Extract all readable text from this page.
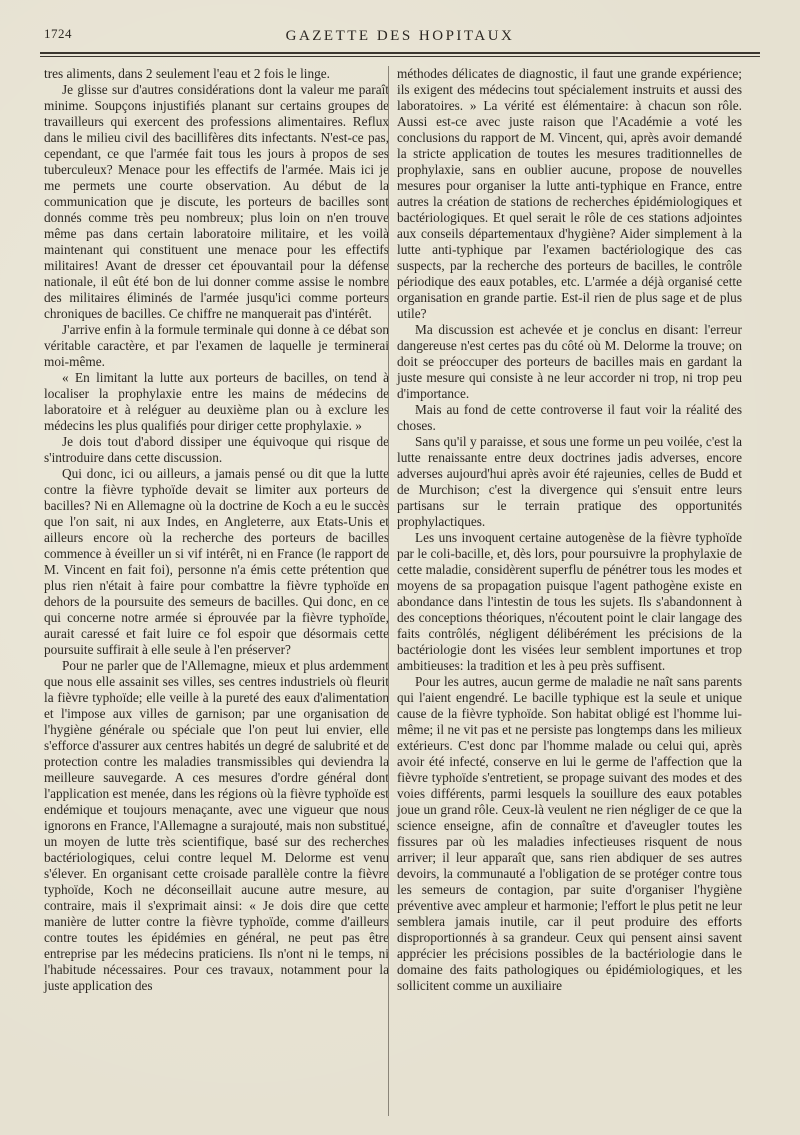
1724	GAZETTE DES HOPITAUX

tres aliments, dans 2 seulement l'eau et 2 fois le linge.

Je glisse sur d'autres considérations dont la valeur me paraît minime. Soupçons injustifiés planant sur certains groupes de travailleurs qui exercent des professions alimentaires. Reflux dans le milieu civil des bacillifères dits infectants. N'est-ce pas, cependant, ce que l'armée fait tous les jours à propos de ses tuberculeux? Menace pour les effectifs de l'armée. Mais ici je me permets une courte observation. Au début de la communication que je discute, les porteurs de bacilles sont donnés comme très peu nombreux; plus loin on n'en trouve même pas dans certain laboratoire militaire, et les voilà maintenant qui constituent une menace pour les effectifs militaires! Avant de dresser cet épouvantail pour la défense nationale, il eût été bon de lui donner comme assise le nombre des militaires éliminés de l'armée jusqu'ici comme porteurs chroniques de bacilles. Ce chiffre ne manquerait pas d'intérêt.

J'arrive enfin à la formule terminale qui donne à ce débat son véritable caractère, et par l'examen de laquelle je terminerai moi-même.

« En limitant la lutte aux porteurs de bacilles, on tend à localiser la prophylaxie entre les mains de médecins de laboratoire et à reléguer au deuxième plan ou à exclure les médecins les plus qualifiés pour diriger cette prophylaxie. »

Je dois tout d'abord dissiper une équivoque qui risque de s'introduire dans cette discussion.

Qui donc, ici ou ailleurs, a jamais pensé ou dit que la lutte contre la fièvre typhoïde devait se limiter aux porteurs de bacilles? Ni en Allemagne où la doctrine de Koch a eu le succès que l'on sait, ni aux Indes, en Angleterre, aux Etats-Unis et ailleurs encore où la recherche des porteurs de bacilles commence à éveiller un si vif intérêt, ni en France (le rapport de M. Vincent en fait foi), personne n'a émis cette prétention que plus rien n'était à faire pour combattre la fièvre typhoïde en dehors de la poursuite des semeurs de bacilles. Qui donc, en ce qui concerne notre armée si éprouvée par la fièvre typhoïde, aurait caressé et fait luire ce fol espoir que désormais cette poursuite suffirait à elle seule à l'en préserver?

Pour ne parler que de l'Allemagne, mieux et plus ardemment que nous elle assainit ses villes, ses centres industriels où fleurit la fièvre typhoïde; elle veille à la pureté des eaux d'alimentation et l'impose aux villes de garnison; par une organisation de l'hygiène générale ou spéciale que l'on peut lui envier, elle s'efforce d'assurer aux centres habités un degré de salubrité et de protection contre les maladies transmissibles qui deviendra la meilleure sauvegarde. A ces mesures d'ordre général dont l'application est menée, dans les régions où la fièvre typhoïde est endémique et toujours menaçante, avec une vigueur que nous ignorons en France, l'Allemagne a surajouté, mais non substitué, un moyen de lutte très scientifique, basé sur des recherches bactériologiques, celui contre lequel M. Delorme est venu s'élever. En organisant cette croisade parallèle contre la fièvre typhoïde, Koch ne déconseillait aucune autre mesure, au contraire, mais il s'exprimait ainsi: « Je dois dire que cette manière de lutter contre la fièvre typhoïde, comme d'ailleurs contre toutes les épidémies en général, ne peut pas être entreprise par les médecins praticiens. Ils n'ont ni le temps, ni l'habitude nécessaires. Pour ces travaux, notamment pour la juste application des

méthodes délicates de diagnostic, il faut une grande expérience; ils exigent des médecins tout spécialement instruits et aussi des laboratoires. » La vérité est élémentaire: à chacun son rôle. Aussi est-ce avec juste raison que l'Académie a voté les conclusions du rapport de M. Vincent, qui, après avoir demandé la stricte application de toutes les mesures traditionnelles de prophylaxie, sans en oublier aucune, propose de nouvelles mesures pour organiser la lutte anti-typhique en France, entre autres la création de stations de recherches épidémiologiques et bactériologiques. Et quel serait le rôle de ces stations adjointes aux conseils départementaux d'hygiène? Aider simplement à la lutte anti-typhique par l'examen bactériologique des cas suspects, par la recherche des porteurs de bacilles, le contrôle périodique des eaux potables, etc. L'armée a déjà organisé cette organisation en grande partie. Est-il rien de plus sage et de plus utile?

Ma discussion est achevée et je conclus en disant: l'erreur dangereuse n'est certes pas du côté où M. Delorme la trouve; on doit se préoccuper des porteurs de bacilles mais en gardant la juste mesure qui consiste à ne leur accorder ni trop, ni trop peu d'importance.

Mais au fond de cette controverse il faut voir la réalité des choses.

Sans qu'il y paraisse, et sous une forme un peu voilée, c'est la lutte renaissante entre deux doctrines jadis adverses, encore adverses aujourd'hui après avoir été rajeunies, celles de Budd et de Murchison; c'est la divergence qui s'ensuit entre leurs partisans sur le terrain pratique des opportunités prophylactiques.

Les uns invoquent certaine autogenèse de la fièvre typhoïde par le coli-bacille, et, dès lors, pour poursuivre la prophylaxie de cette maladie, considèrent superflu de pénétrer tous les modes et moyens de sa propagation puisque l'agent pathogène existe en abondance dans l'intestin de tous les sujets. Ils s'abandonnent à des conceptions théoriques, n'écoutent point le clair langage des faits contrôlés, négligent délibérément les précisions de la bactériologie dont les visées leur semblent importunes et trop ambitieuses: la tradition et les à peu près suffisent.

Pour les autres, aucun germe de maladie ne naît sans parents qui l'aient engendré. Le bacille typhique est la seule et unique cause de la fièvre typhoïde. Son habitat obligé est l'homme lui-même; il ne vit pas et ne persiste pas longtemps dans les milieux extérieurs. C'est donc par l'homme malade ou celui qui, après avoir été infecté, conserve en lui le germe de l'affection que la fièvre typhoïde s'entretient, se propage suivant des modes et des voies différents, parmi lesquels la souillure des eaux potables joue un grand rôle. Ceux-là veulent ne rien négliger de ce que la science enseigne, afin de connaître et d'aveugler toutes les fissures par où les maladies infectieuses risquent de nous arriver; il leur apparaît que, sans rien abdiquer de ses autres devoirs, la communauté a l'obligation de se protéger contre tous les semeurs de contagion, par suite d'organiser l'hygiène préventive avec ampleur et harmonie; l'effort le plus petit ne leur semblera jamais inutile, car il peut produire des efforts disproportionnés à sa grandeur. Ceux qui pensent ainsi savent apprécier les précisions possibles de la bactériologie dans le domaine des faits pathologiques ou épidémiologiques, et les sollicitent comme un auxiliaire
